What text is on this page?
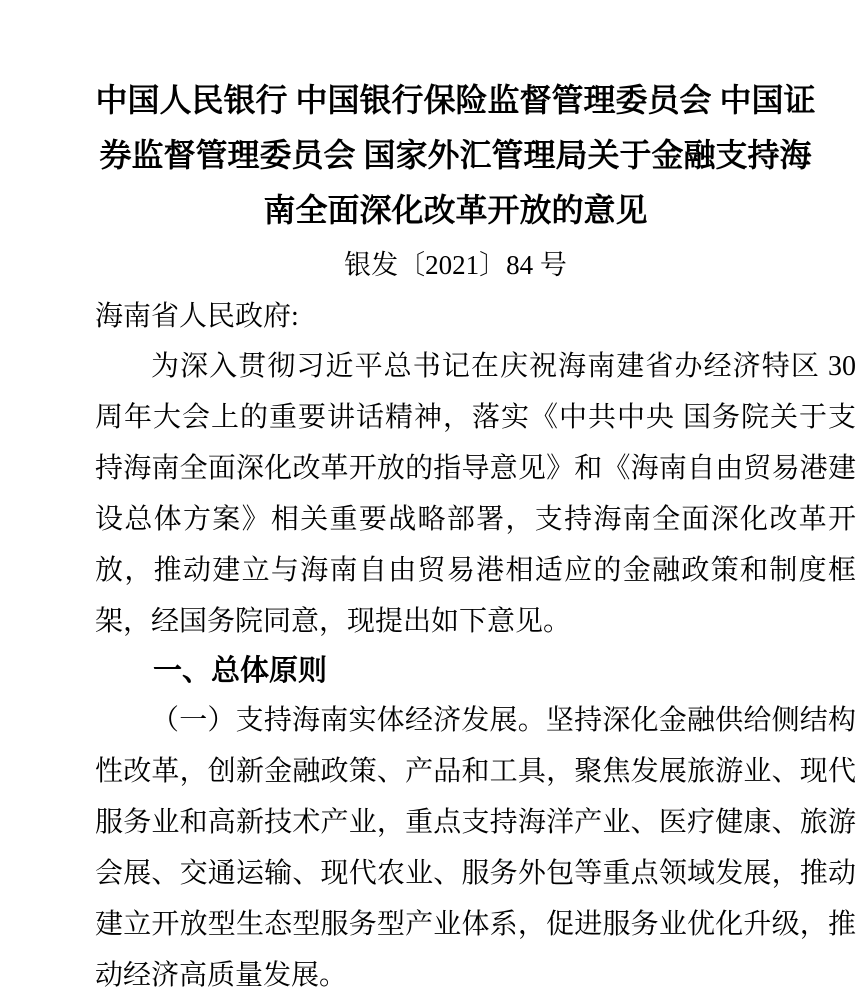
中国人民银行 中国银行保险监督管理委员会 中国证
券监督管理委员会 国家外汇管理局关于金融支持海
南全面深化改革开放的意见
银发〔2021〕84 号
海南省人民政府:

为深入贯彻习近平总书记在庆祝海南建省办经济特区 30 周年大会上的重要讲话精神，落实《中共中央 国务院关于支持海南全面深化改革开放的指导意见》和《海南自由贸易港建设总体方案》相关重要战略部署，支持海南全面深化改革开放，推动建立与海南自由贸易港相适应的金融政策和制度框架，经国务院同意，现提出如下意见。

一、总体原则

（一）支持海南实体经济发展。坚持深化金融供给侧结构性改革，创新金融政策、产品和工具，聚焦发展旅游业、现代服务业和高新技术产业，重点支持海洋产业、医疗健康、旅游会展、交通运输、现代农业、服务外包等重点领域发展，推动建立开放型生态型服务型产业体系，促进服务业优化升级，推动经济高质量发展。
